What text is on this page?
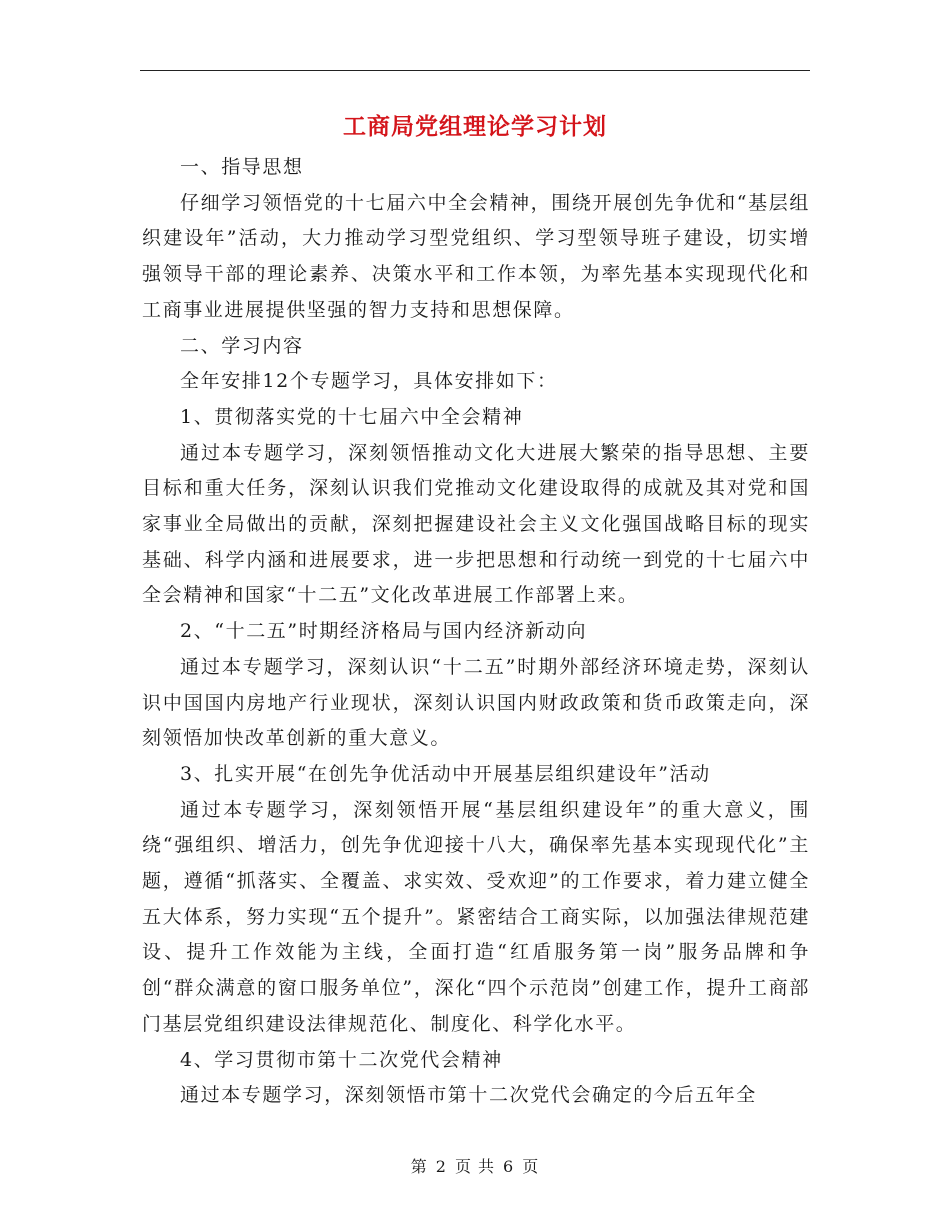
工商局党组理论学习计划

一、指导思想

仔细学习领悟党的十七届六中全会精神，围绕开展创先争优和“基层组织建设年”活动，大力推动学习型党组织、学习型领导班子建设，切实增强领导干部的理论素养、决策水平和工作本领，为率先基本实现现代化和工商事业进展提供坚强的智力支持和思想保障。

二、学习内容

全年安排12个专题学习，具体安排如下：

1、贯彻落实党的十七届六中全会精神

通过本专题学习，深刻领悟推动文化大进展大繁荣的指导思想、主要目标和重大任务，深刻认识我们党推动文化建设取得的成就及其对党和国家事业全局做出的贡献，深刻把握建设社会主义文化强国战略目标的现实基础、科学内涵和进展要求，进一步把思想和行动统一到党的十七届六中全会精神和国家“十二五”文化改革进展工作部署上来。

2、“十二五”时期经济格局与国内经济新动向

通过本专题学习，深刻认识“十二五”时期外部经济环境走势，深刻认识中国国内房地产行业现状，深刻认识国内财政政策和货币政策走向，深刻领悟加快改革创新的重大意义。

3、扎实开展“在创先争优活动中开展基层组织建设年”活动

通过本专题学习，深刻领悟开展“基层组织建设年”的重大意义，围绕“强组织、增活力，创先争优迎接十八大，确保率先基本实现现代化”主题，遵循“抓落实、全覆盖、求实效、受欢迎”的工作要求，着力建立健全五大体系，努力实现“五个提升”。紧密结合工商实际，以加强法律规范建设、提升工作效能为主线，全面打造“红盾服务第一岗”服务品牌和争创“群众满意的窗口服务单位”，深化“四个示范岗”创建工作，提升工商部门基层党组织建设法律规范化、制度化、科学化水平。

4、学习贯彻市第十二次党代会精神

通过本专题学习，深刻领悟市第十二次党代会确定的今后五年全

第 2 页 共 6 页
